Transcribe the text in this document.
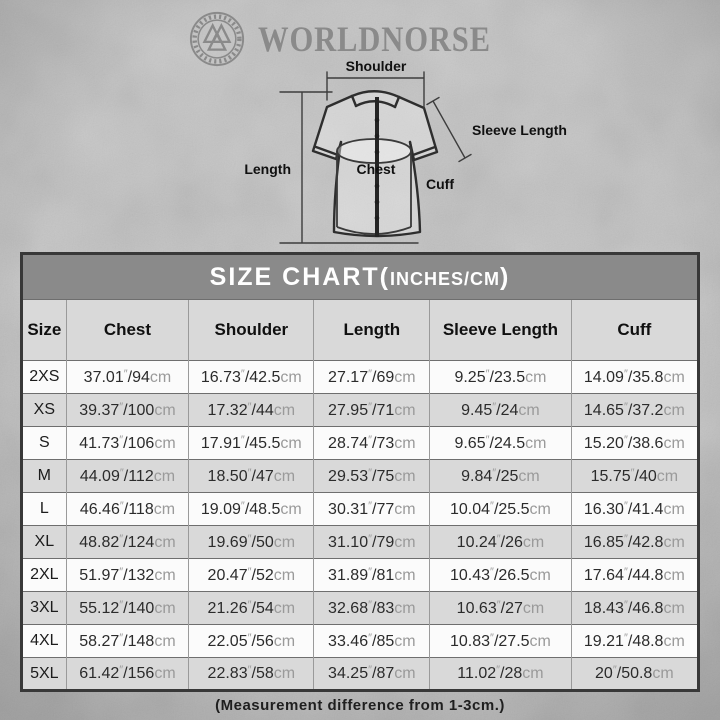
WORLDNORSE
Shoulder
Length
Sleeve Length
Chest
Cuff
SIZE CHART(INCHES/CM)					
Size	Chest	Shoulder	Length	Sleeve Length	Cuff
2XS	37.01″/94cm	16.73″/42.5cm	27.17″/69cm	9.25″/23.5cm	14.09″/35.8cm
XS	39.37″/100cm	17.32″/44cm	27.95″/71cm	9.45″/24cm	14.65″/37.2cm
S	41.73″/106cm	17.91″/45.5cm	28.74″/73cm	9.65″/24.5cm	15.20″/38.6cm
M	44.09″/112cm	18.50″/47cm	29.53″/75cm	9.84″/25cm	15.75″/40cm
L	46.46″/118cm	19.09″/48.5cm	30.31″/77cm	10.04″/25.5cm	16.30″/41.4cm
XL	48.82″/124cm	19.69″/50cm	31.10″/79cm	10.24″/26cm	16.85″/42.8cm
2XL	51.97″/132cm	20.47″/52cm	31.89″/81cm	10.43″/26.5cm	17.64″/44.8cm
3XL	55.12″/140cm	21.26″/54cm	32.68″/83cm	10.63″/27cm	18.43″/46.8cm
4XL	58.27″/148cm	22.05″/56cm	33.46″/85cm	10.83″/27.5cm	19.21″/48.8cm
5XL	61.42″/156cm	22.83″/58cm	34.25″/87cm	11.02″/28cm	20″/50.8cm
(Measurement difference from 1-3cm.)
